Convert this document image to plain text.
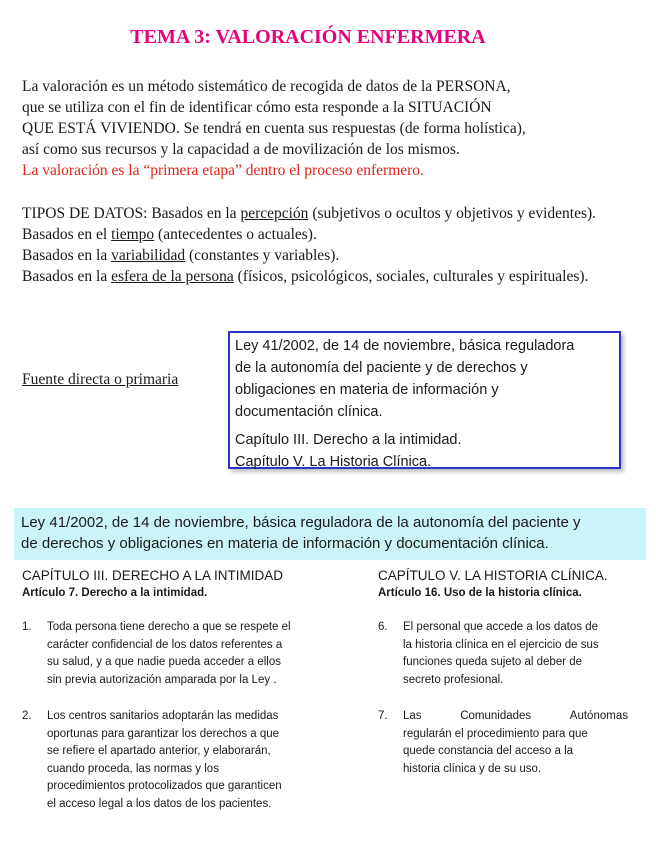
TEMA 3: VALORACIÓN ENFERMERA
La valoración es un método sistemático de recogida de datos de la PERSONA,
que se utiliza con el fin de identificar cómo esta responde a la SITUACIÓN
QUE ESTÁ VIVIENDO. Se tendrá en cuenta sus respuestas (de forma holística),
así como sus recursos y la capacidad a de movilización de los mismos.
La valoración es la “primera etapa” dentro el proceso enfermero.

TIPOS DE DATOS: Basados en la percepción (subjetivos o ocultos y objetivos y evidentes).

Basados en el tiempo (antecedentes o actuales).

Basados en la variabilidad (constantes y variables).

Basados en la esfera de la persona (físicos, psicológicos, sociales, culturales y espirituales).

Fuente directa o primaria

Ley 41/2002, de 14 de noviembre, básica reguladora

de la autonomía del paciente y de derechos y

obligaciones en materia de información y

documentación clínica.

Capítulo III. Derecho a la intimidad.

Capítulo V. La Historia Clínica.

Ley 41/2002, de 14 de noviembre, básica reguladora de la autonomía del paciente y
de derechos y obligaciones en materia de información y documentación clínica.

CAPÍTULO III. DERECHO A LA INTIMIDAD

Artículo 7. Derecho a la intimidad.

1. Toda persona tiene derecho a que se respete el
carácter confidencial de los datos referentes a
su salud, y a que nadie pueda acceder a ellos
sin previa autorización amparada por la Ley .
2. Los centros sanitarios adoptarán las medidas
oportunas para garantizar los derechos a que
se refiere el apartado anterior, y elaborarán,
cuando proceda, las normas y los
procedimientos protocolizados que garanticen
el acceso legal a los datos de los pacientes.

CAPÍTULO V. LA HISTORIA CLÍNICA.

Artículo 16. Uso de la historia clínica.

6. El personal que accede a los datos de
la historia clínica en el ejercicio de sus
funciones queda sujeto al deber de
secreto profesional.
7. Las	Comunidades	Autónomas
regularán el procedimiento para que
quede constancia del acceso a la
historia clínica y de su uso.
